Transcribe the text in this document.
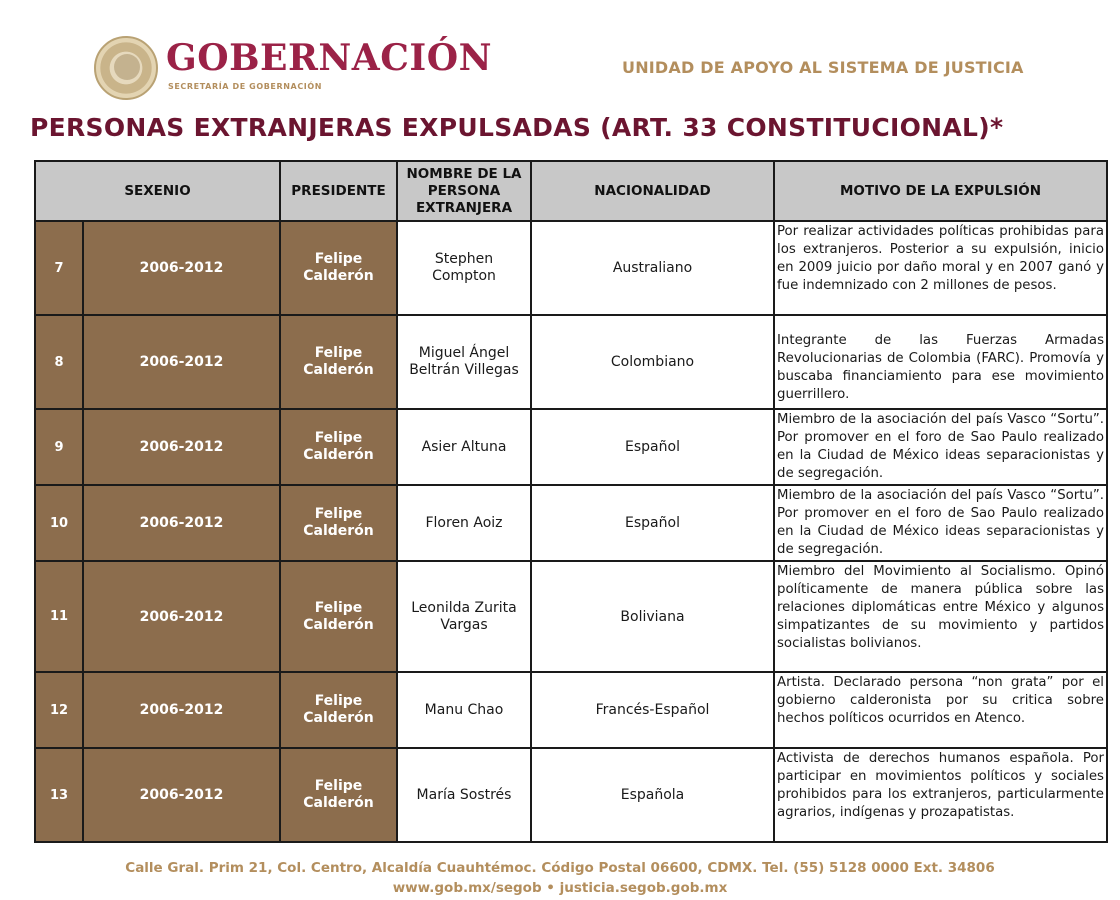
GOBERNACIÓN
SECRETARÍA DE GOBERNACIÓN
UNIDAD DE APOYO AL SISTEMA DE JUSTICIA
PERSONAS EXTRANJERAS EXPULSADAS (ART. 33 CONSTITUCIONAL)*
SEXENIO		PRESIDENTE	NOMBRE DE LA PERSONA EXTRANJERA	NACIONALIDAD	MOTIVO DE LA EXPULSIÓN
7	2006-2012	Felipe Calderón	Stephen Compton	Australiano	Por realizar actividades políticas prohibidas para los extranjeros. Posterior a su expulsión, inicio en 2009 juicio por daño moral y en 2007 ganó y fue indemnizado con 2 millones de pesos.
8	2006-2012	Felipe Calderón	Miguel Ángel Beltrán Villegas	Colombiano	Integrante de las Fuerzas Armadas Revolucionarias de Colombia (FARC). Promovía y buscaba financiamiento para ese movimiento guerrillero.
9	2006-2012	Felipe Calderón	Asier Altuna	Español	Miembro de la asociación del país Vasco “Sortu”. Por promover en el foro de Sao Paulo realizado en la Ciudad de México ideas separacionistas y de segregación.
10	2006-2012	Felipe Calderón	Floren Aoiz	Español	Miembro de la asociación del país Vasco “Sortu”. Por promover en el foro de Sao Paulo realizado en la Ciudad de México ideas separacionistas y de segregación.
11	2006-2012	Felipe Calderón	Leonilda Zurita Vargas	Boliviana	Miembro del Movimiento al Socialismo. Opinó políticamente de manera pública sobre las relaciones diplomáticas entre México y algunos simpatizantes de su movimiento y partidos socialistas bolivianos.
12	2006-2012	Felipe Calderón	Manu Chao	Francés-Español	Artista. Declarado persona “non grata” por el gobierno calderonista por su critica sobre hechos políticos ocurridos en Atenco.
13	2006-2012	Felipe Calderón	María Sostrés	Española	Activista de derechos humanos española. Por participar en movimientos políticos y sociales prohibidos para los extranjeros, particularmente agrarios, indígenas y prozapatistas.
Calle Gral. Prim 21, Col. Centro, Alcaldía Cuauhtémoc. Código Postal 06600, CDMX. Tel. (55) 5128 0000 Ext. 34806
www.gob.mx/segob • justicia.segob.gob.mx
